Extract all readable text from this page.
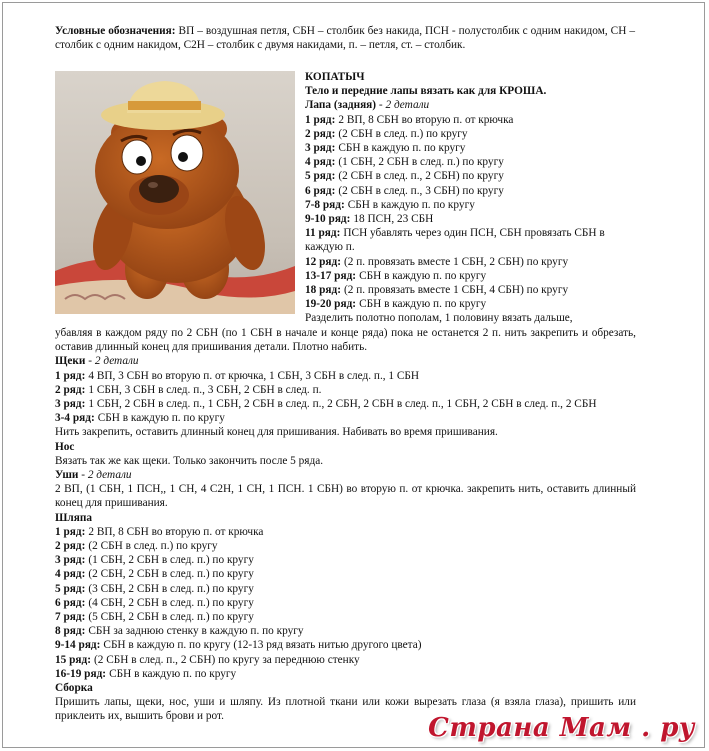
Условные обозначения: ВП – воздушная петля, СБН – столбик без накида, ПСН - полустолбик с одним накидом, СН – столбик с одним накидом, С2Н – столбик с двумя накидами, п. – петля, ст. – столбик.

КОПАТЫЧ

Тело и передние лапы вязать как для КРОША.

Лапа (задняя) - 2 детали

1 ряд: 2 ВП, 8 СБН во вторую п. от крючка

2 ряд: (2 СБН в след. п.) по кругу

3 ряд: СБН в каждую п. по кругу

4 ряд: (1 СБН, 2 СБН в след. п.) по кругу

5 ряд: (2 СБН в след. п., 2 СБН) по кругу

6 ряд: (2 СБН в след. п., 3 СБН) по кругу

7-8 ряд: СБН в каждую п. по кругу

9-10 ряд: 18 ПСН, 23 СБН

11 ряд: ПСН убавлять через один ПСН, СБН провязать СБН в каждую п.

12 ряд: (2 п. провязать вместе 1 СБН, 2 СБН) по кругу

13-17 ряд: СБН в каждую п. по кругу

18 ряд: (2 п. провязать вместе 1 СБН, 4 СБН) по кругу

19-20 ряд: СБН в каждую п. по кругу

Разделить полотно пополам, 1 половину вязать дальше,

убавляя в каждом ряду по 2 СБН (по 1 СБН в начале и конце ряда) пока не останется 2 п. нить закрепить и обрезать, оставив длинный конец для пришивания детали. Плотно набить.

Щеки - 2 детали

1 ряд: 4 ВП, 3 СБН во вторую п. от крючка, 1 СБН, 3 СБН в след. п., 1 СБН

2 ряд: 1 СБН, 3 СБН в след. п., 3 СБН, 2 СБН в след. п.

3 ряд: 1 СБН, 2 СБН в след. п., 1 СБН, 2 СБН в след. п., 2 СБН, 2 СБН в след. п., 1 СБН, 2 СБН в след. п., 2 СБН

3-4 ряд: СБН в каждую п. по кругу

Нить закрепить, оставить длинный конец для пришивания. Набивать во время пришивания.

Нос

Вязать так же как щеки. Только закончить после 5 ряда.

Уши - 2 детали

2 ВП, (1 СБН, 1 ПСН,, 1 СН, 4 С2Н, 1 СН, 1 ПСН. 1 СБН) во вторую п. от крючка. закрепить нить, оставить длинный конец для пришивания.

Шляпа

1 ряд: 2 ВП, 8 СБН во вторую п. от крючка

2 ряд: (2 СБН в след. п.) по кругу

3 ряд: (1 СБН, 2 СБН в след. п.) по кругу

4 ряд: (2 СБН, 2 СБН в след. п.) по кругу

5 ряд: (3 СБН, 2 СБН в след. п.) по кругу

6 ряд: (4 СБН, 2 СБН в след. п.) по кругу

7 ряд: (5 СБН, 2 СБН в след. п.) по кругу

8 ряд: СБН за заднюю стенку в каждую п. по кругу

9-14 ряд: СБН в каждую п. по кругу (12-13 ряд вязать нитью другого цвета)

15 ряд: (2 СБН в след. п., 2 СБН) по кругу за переднюю стенку

16-19 ряд: СБН в каждую п. по кругу

Сборка

Пришить лапы, щеки, нос, уши и шляпу. Из плотной ткани или кожи вырезать глаза (я взяла глаза), пришить или приклеить их, вышить брови и рот.	Страна Мам . ру
